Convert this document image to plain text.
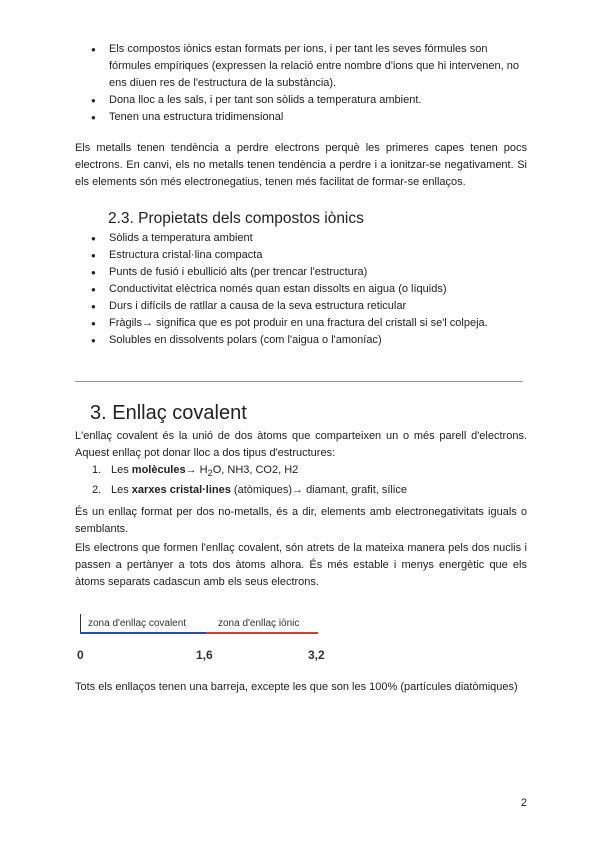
● Els compostos iònics estan formats per ions, i per tant les seves fórmules son fórmules empíriques (expressen la relació entre nombre d'ions que hi intervenen, no ens diuen res de l'estructura de la substància).
● Dona lloc a les sals, i per tant son sòlids a temperatura ambient.
● Tenen una estructura tridimensional

Els metalls tenen tendència a perdre electrons perquè les primeres capes tenen pocs electrons. En canvi, els no metalls tenen tendència a perdre i a ionitzar-se negativament. Si els elements són més electronegatius, tenen més facilitat de formar-se enllaços.

2.3. Propietats dels compostos iònics
● Sòlids a temperatura ambient
● Estructura cristal·lina compacta
● Punts de fusió i ebullició alts (per trencar l'estructura)
● Conductivitat elèctrica només quan estan dissolts en aigua (o líquids)
● Durs i difícils de ratllar a causa de la seva estructura reticular
● Fràgils→ significa que es pot produir en una fractura del cristall si se'l colpeja.
● Solubles en dissolvents polars (com l'aigua o l'amoníac)
3. Enllaç covalent

L'enllaç covalent és la unió de dos àtoms que comparteixen un o més parell d'electrons. Aquest enllaç pot donar lloc a dos tipus d'estructures:

1. Les molècules→ $H_2O$, NH3, CO2, H2
2. Les xarxes cristal·lines (atòmiques)→ diamant, grafit, sílice

És un enllaç format per dos no-metalls, és a dir, elements amb electronegativitats iguals o semblants.

Els electrons que formen l'enllaç covalent, són atrets de la mateixa manera pels dos nuclis i passen a pertànyer a tots dos àtoms alhora. És més estable i menys energètic que els àtoms separats cadascun amb els seus electrons.

zona d'enllaç covalent	zona d'enllaç iònic
0	1,6	3,2

Tots els enllaços tenen una barreja, excepte les que son les 100% (partícules diatòmiques)

2
